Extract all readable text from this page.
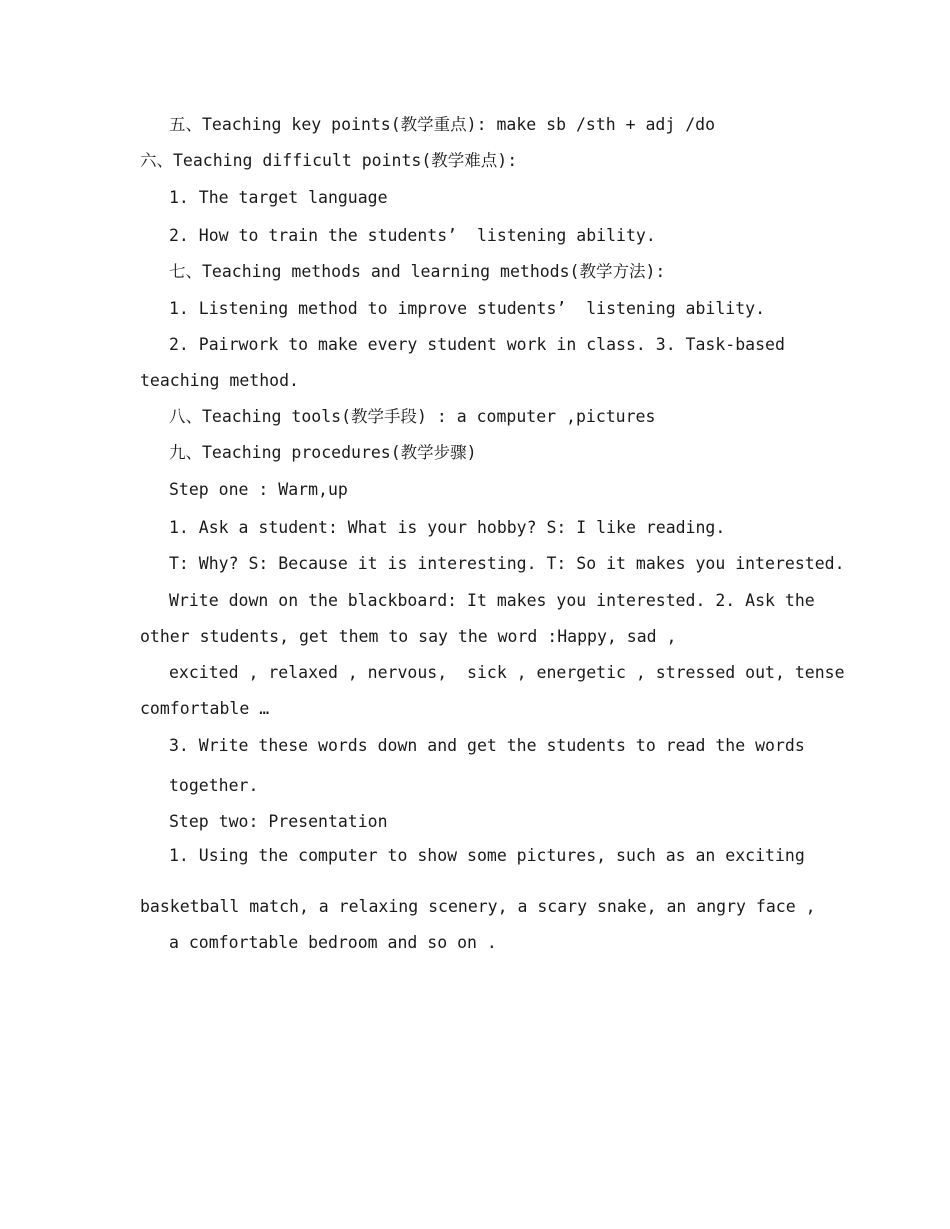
五、Teaching key points(教学重点): make sb /sth + adj /do
六、Teaching difficult points(教学难点):
1. The target language
2. How to train the students’  listening ability.
七、Teaching methods and learning methods(教学方法):
1. Listening method to improve students’  listening ability.
2. Pairwork to make every student work in class. 3. Task-based
teaching method.
八、Teaching tools(教学手段) : a computer ,pictures
九、Teaching procedures(教学步骤)
Step one : Warm,up
1. Ask a student: What is your hobby? S: I like reading.
T: Why? S: Because it is interesting. T: So it makes you interested.
Write down on the blackboard: It makes you interested. 2. Ask the
other students, get them to say the word :Happy, sad ,
excited , relaxed , nervous,  sick , energetic , stressed out, tense
comfortable …
3. Write these words down and get the students to read the words
together.
Step two: Presentation
1. Using the computer to show some pictures, such as an exciting
basketball match, a relaxing scenery, a scary snake, an angry face ,
a comfortable bedroom and so on .
